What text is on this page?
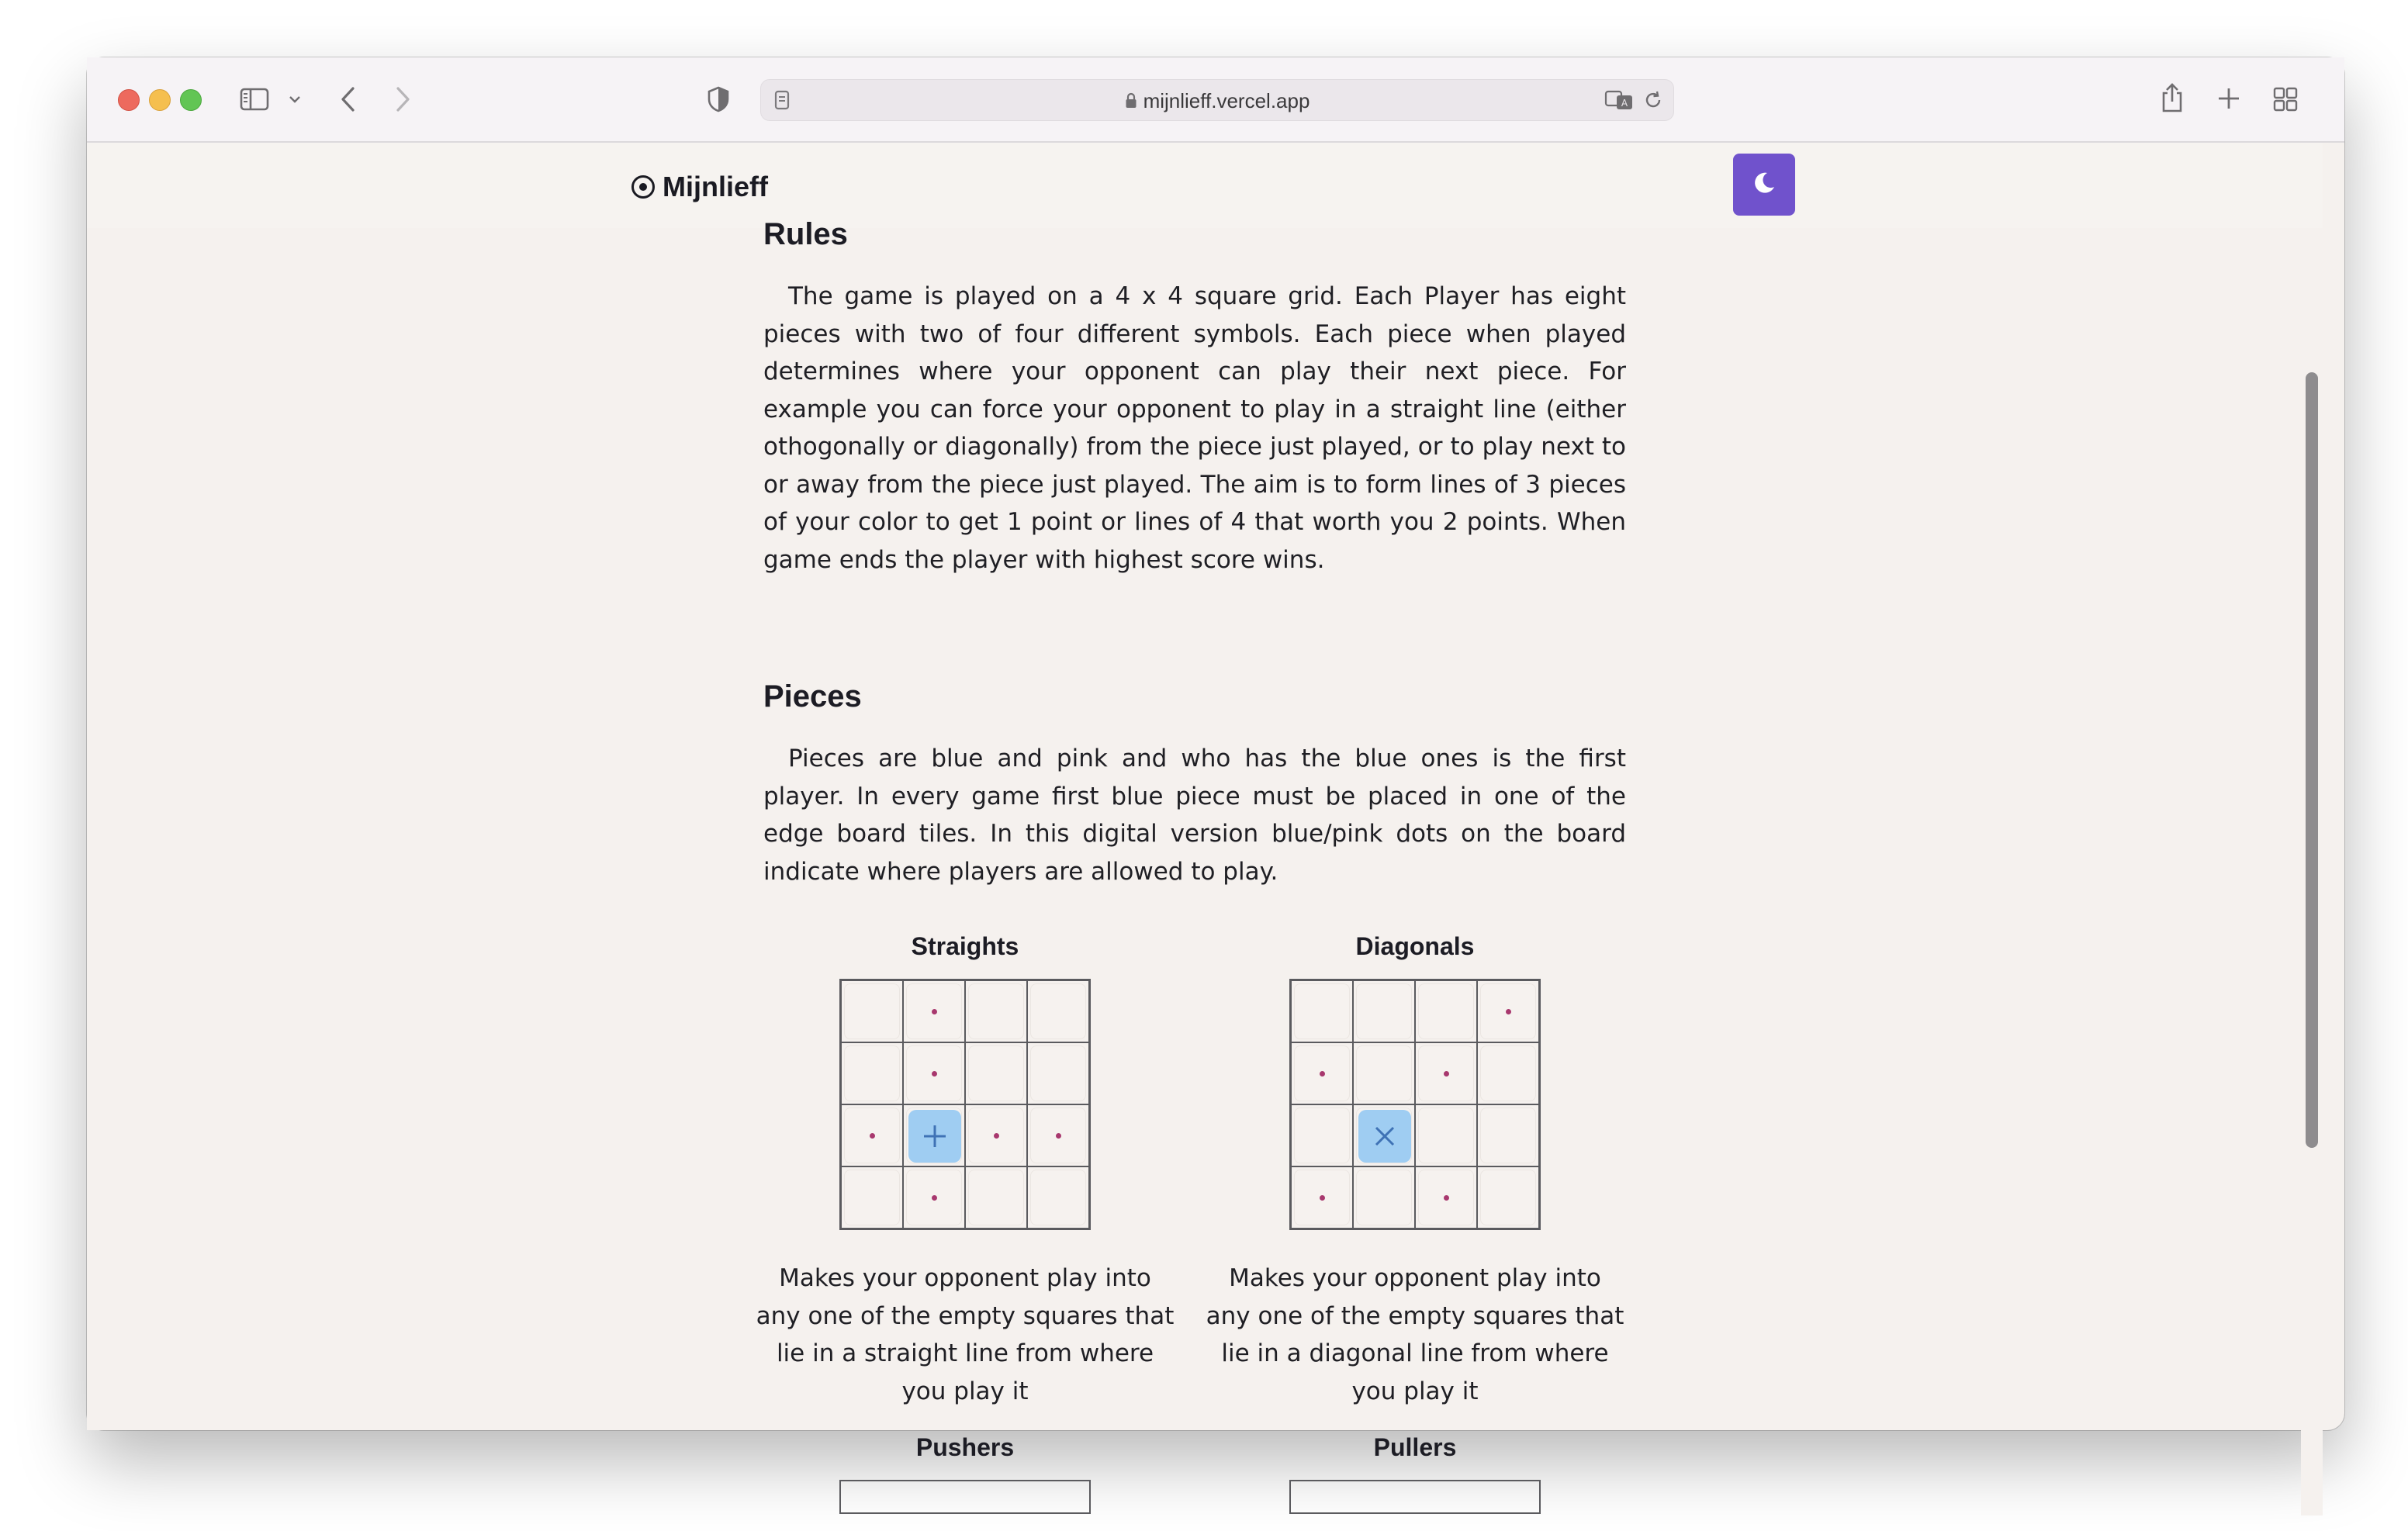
mijnlieff.vercel.app	A
Mijnlieff
Rules

The game is played on a 4 x 4 square grid. Each Player has eight pieces with two of four different symbols. Each piece when played determines where your opponent can play their next piece. For example you can force your opponent to play in a straight line (either othogonally or diagonally) from the piece just played, or to play next to or away from the piece just played. The aim is to form lines of 3 pieces of your color to get 1 point or lines of 4 that worth you 2 points. When game ends the player with highest score wins.

Pieces

Pieces are blue and pink and who has the blue ones is the first player. In every game first blue piece must be placed in one of the edge board tiles. In this digital version blue/pink dots on the board indicate where players are allowed to play.

Straights
Makes your opponent play into any one of the empty squares that lie in a straight line from where you play it
Diagonals
Makes your opponent play into any one of the empty squares that lie in a diagonal line from where you play it
Pushers	Pullers
